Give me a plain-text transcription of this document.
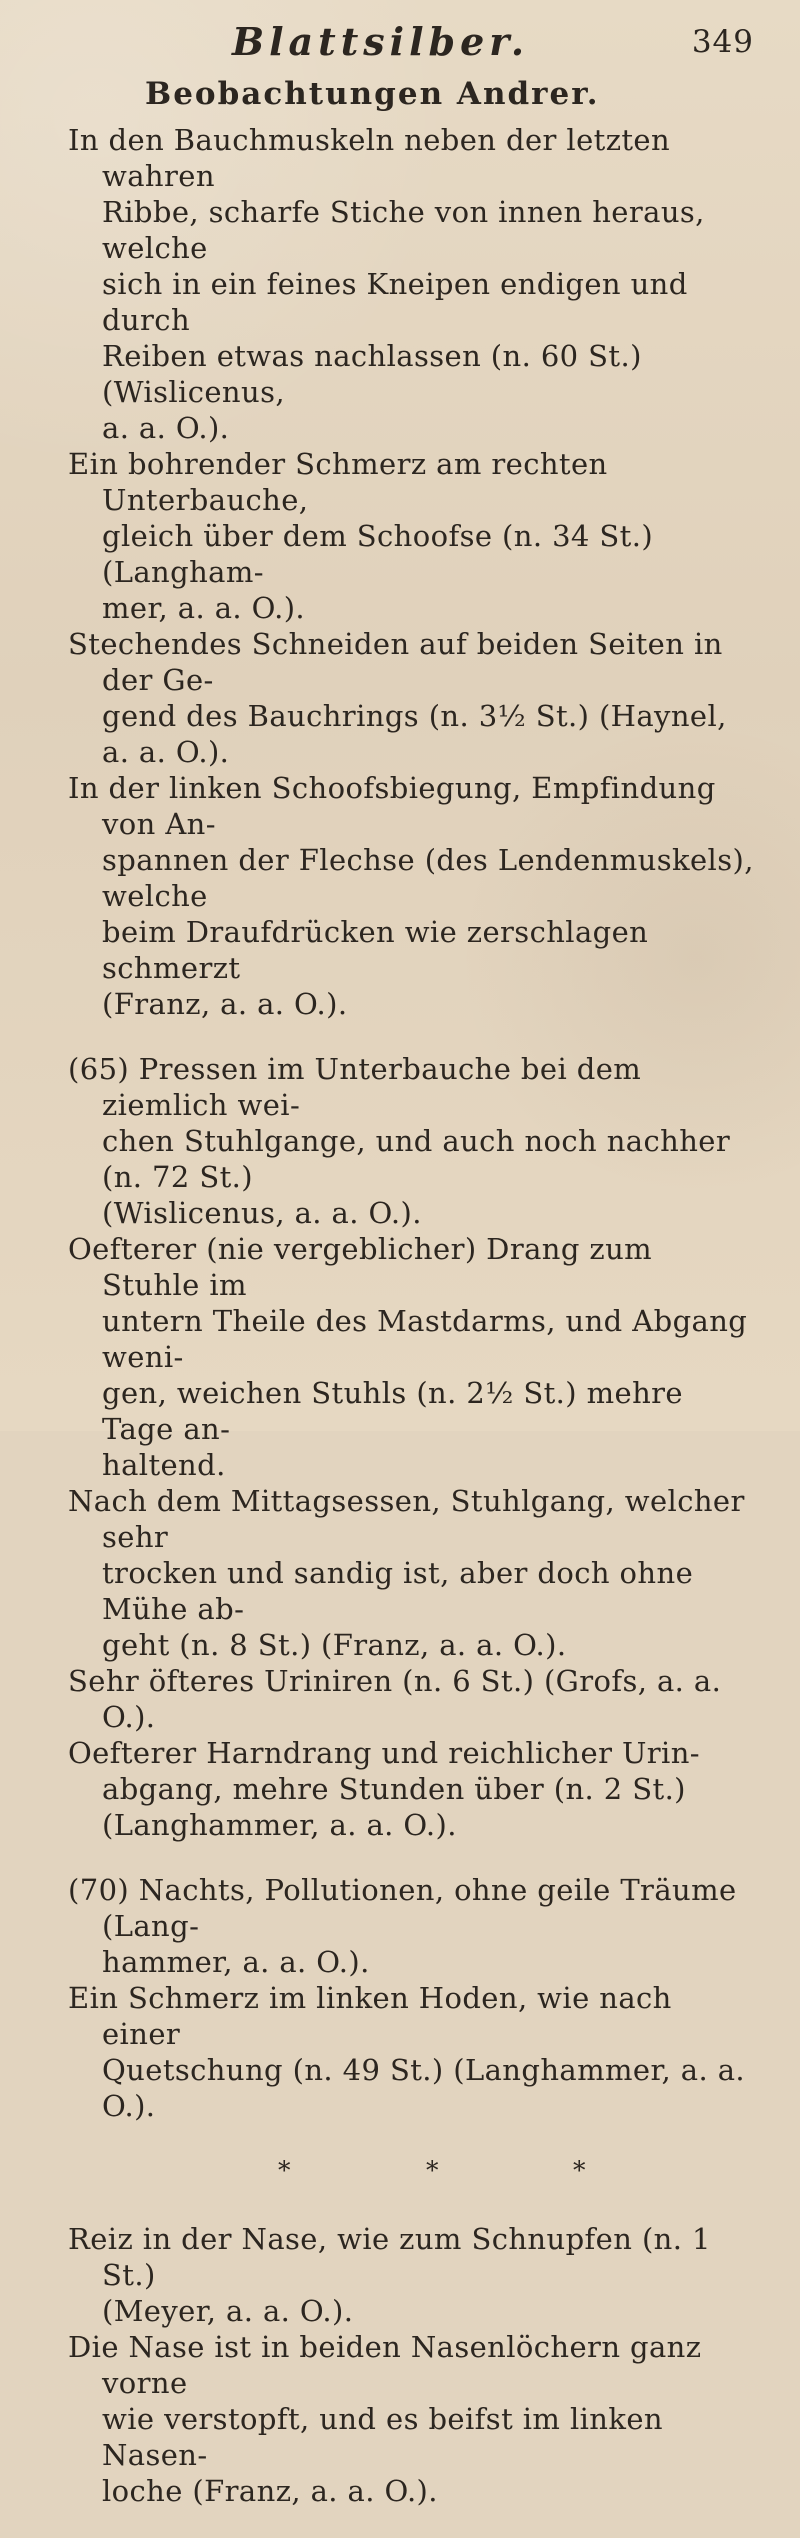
Blattsilber.	349
Beobachtungen Andrer.

In den Bauchmuskeln neben der letzten wahren
Ribbe, scharfe Stiche von innen heraus, welche
sich in ein feines Kneipen endigen und durch
Reiben etwas nachlassen (n. 60 St.) (Wislicenus,
a. a. O.).

Ein bohrender Schmerz am rechten Unterbauche,
gleich über dem Schoofse (n. 34 St.) (Langham-
mer, a. a. O.).

Stechendes Schneiden auf beiden Seiten in der Ge-
gend des Bauchrings (n. 3½ St.) (Haynel, a. a. O.).

In der linken Schoofsbiegung, Empfindung von An-
spannen der Flechse (des Lendenmuskels), welche
beim Draufdrücken wie zerschlagen schmerzt
(Franz, a. a. O.).

(65) Pressen im Unterbauche bei dem ziemlich wei-
chen Stuhlgange, und auch noch nachher (n. 72 St.)
(Wislicenus, a. a. O.).

Oefterer (nie vergeblicher) Drang zum Stuhle im
untern Theile des Mastdarms, und Abgang weni-
gen, weichen Stuhls (n. 2½ St.) mehre Tage an-
haltend.

Nach dem Mittagsessen, Stuhlgang, welcher sehr
trocken und sandig ist, aber doch ohne Mühe ab-
geht (n. 8 St.) (Franz, a. a. O.).

Sehr öfteres Uriniren (n. 6 St.) (Grofs, a. a. O.).

Oefterer Harndrang und reichlicher Urin-
abgang, mehre Stunden über (n. 2 St.)
(Langhammer, a. a. O.).

(70) Nachts, Pollutionen, ohne geile Träume (Lang-
hammer, a. a. O.).

Ein Schmerz im linken Hoden, wie nach einer
Quetschung (n. 49 St.) (Langhammer, a. a. O.).

*	*	*

Reiz in der Nase, wie zum Schnupfen (n. 1 St.)
(Meyer, a. a. O.).

Die Nase ist in beiden Nasenlöchern ganz vorne
wie verstopft, und es beifst im linken Nasen-
loche (Franz, a. a. O.).
